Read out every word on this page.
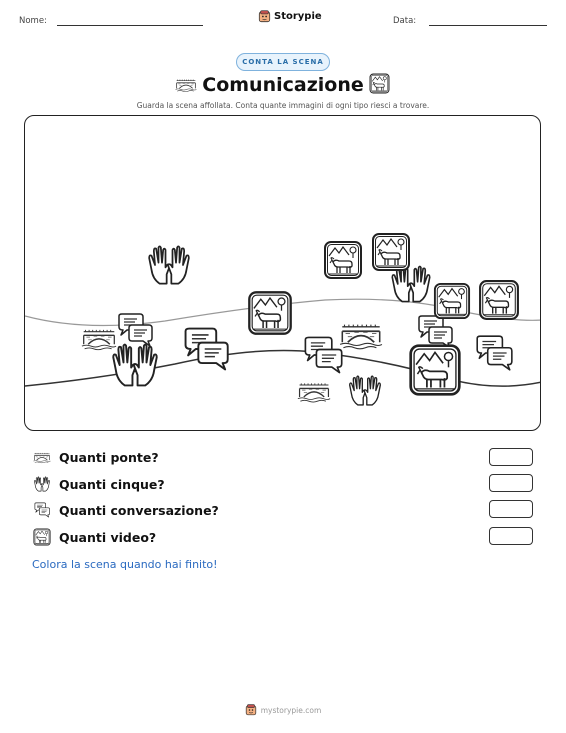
Nome:	Storypie	Data:
CONTA LA SCENA
Comunicazione
Guarda la scena affollata. Conta quante immagini di ogni tipo riesci a trovare.
Quanti ponte?
Quanti cinque?
Quanti conversazione?
Quanti video?
Colora la scena quando hai finito!
mystorypie.com
